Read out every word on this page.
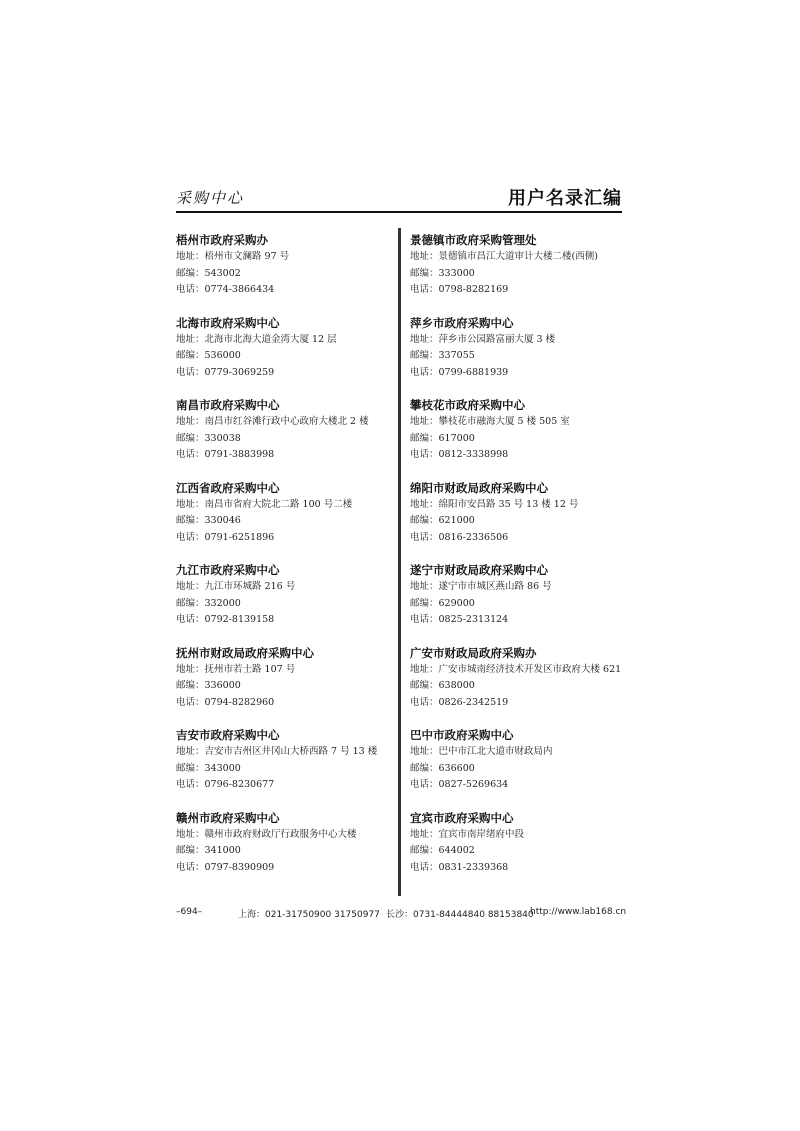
采购中心	用户名录汇编
梧州市政府采购办
地址：梧州市文澜路 97 号
邮编：543002
电话：0774-3866434
北海市政府采购中心
地址：北海市北海大道金湾大厦 12 层
邮编：536000
电话：0779-3069259
南昌市政府采购中心
地址：南昌市红谷滩行政中心政府大楼北 2 楼
邮编：330038
电话：0791-3883998
江西省政府采购中心
地址：南昌市省府大院北二路 100 号二楼
邮编：330046
电话：0791-6251896
九江市政府采购中心
地址：九江市环城路 216 号
邮编：332000
电话：0792-8139158
抚州市财政局政府采购中心
地址：抚州市若士路 107 号
邮编：336000
电话：0794-8282960
吉安市政府采购中心
地址：吉安市吉州区井冈山大桥西路 7 号 13 楼
邮编：343000
电话：0796-8230677
赣州市政府采购中心
地址：赣州市政府财政厅行政服务中心大楼
邮编：341000
电话：0797-8390909
景德镇市政府采购管理处
地址：景德镇市昌江大道审计大楼二楼(西侧)
邮编：333000
电话：0798-8282169
萍乡市政府采购中心
地址：萍乡市公园路富丽大厦 3 楼
邮编：337055
电话：0799-6881939
攀枝花市政府采购中心
地址：攀枝花市融海大厦 5 楼 505 室
邮编：617000
电话：0812-3338998
绵阳市财政局政府采购中心
地址：绵阳市安昌路 35 号 13 楼 12 号
邮编：621000
电话：0816-2336506
遂宁市财政局政府采购中心
地址：遂宁市市城区燕山路 86 号
邮编：629000
电话：0825-2313124
广安市财政局政府采购办
地址：广安市城南经济技术开发区市政府大楼 621
邮编：638000
电话：0826-2342519
巴中市政府采购中心
地址：巴中市江北大道市财政局内
邮编：636600
电话：0827-5269634
宜宾市政府采购中心
地址：宜宾市南岸绪府中段
邮编：644002
电话：0831-2339368
–694–	上海：021-31750900 31750977 长沙：0731-84444840 88153840
http://www.lab168.cn
